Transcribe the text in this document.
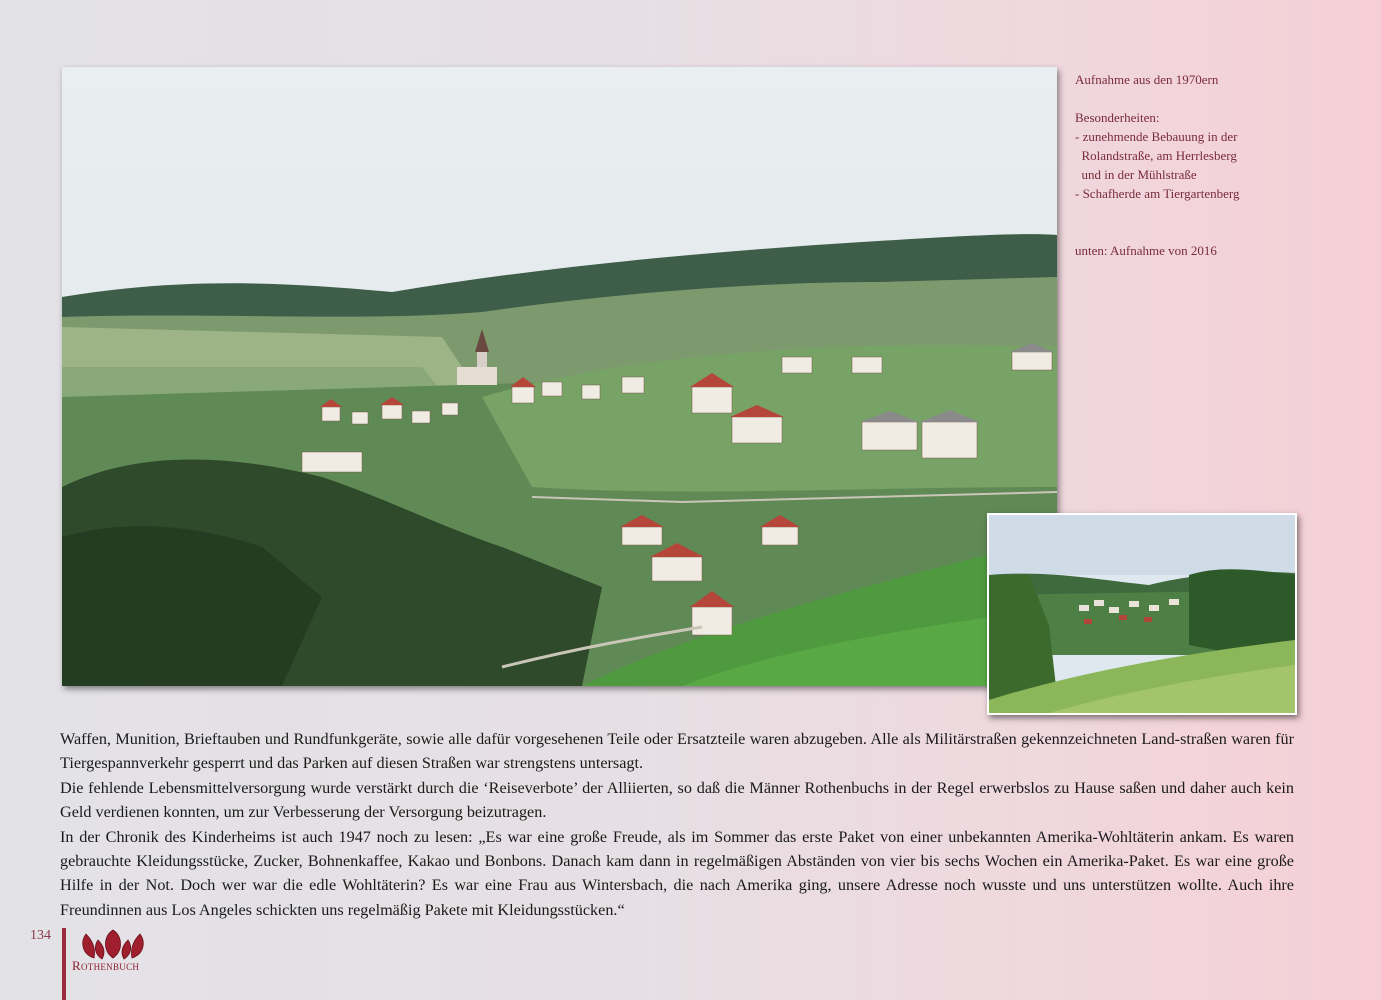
Aufnahme aus den 1970ern

Besonderheiten:

- zunehmende Bebauung in der

Rolandstraße, am Herrlesberg

und in der Mühlstraße

- Schafherde am Tiergartenberg

unten: Aufnahme von 2016

Waffen, Munition, Brieftauben und Rundfunkgeräte, sowie alle dafür vorgesehenen Teile oder Ersatzteile waren abzugeben. Alle als Militärstraßen gekennzeichneten Land-straßen waren für Tiergespannverkehr gesperrt und das Parken auf diesen Straßen war strengstens untersagt.

Die fehlende Lebensmittelversorgung wurde verstärkt durch die ‘Reiseverbote’ der Alliierten, so daß die Männer Rothenbuchs in der Regel erwerbslos zu Hause saßen und daher auch kein Geld verdienen konnten, um zur Verbesserung der Versorgung beizutragen.

In der Chronik des Kinderheims ist auch 1947 noch zu lesen: „Es war eine große Freude, als im Sommer das erste Paket von einer unbekannten Amerika-Wohltäterin ankam. Es waren gebrauchte Kleidungsstücke, Zucker, Bohnenkaffee, Kakao und Bonbons. Danach kam dann in regelmäßigen Abständen von vier bis sechs Wochen ein Amerika-Paket. Es war eine große Hilfe in der Not. Doch wer war die edle Wohltäterin? Es war eine Frau aus Wintersbach, die nach Amerika ging, unsere Adresse noch wusste und uns unterstützen wollte. Auch ihre Freundinnen aus Los Angeles schickten uns regelmäßig Pakete mit Kleidungsstücken.“

134
Rothenbuch
